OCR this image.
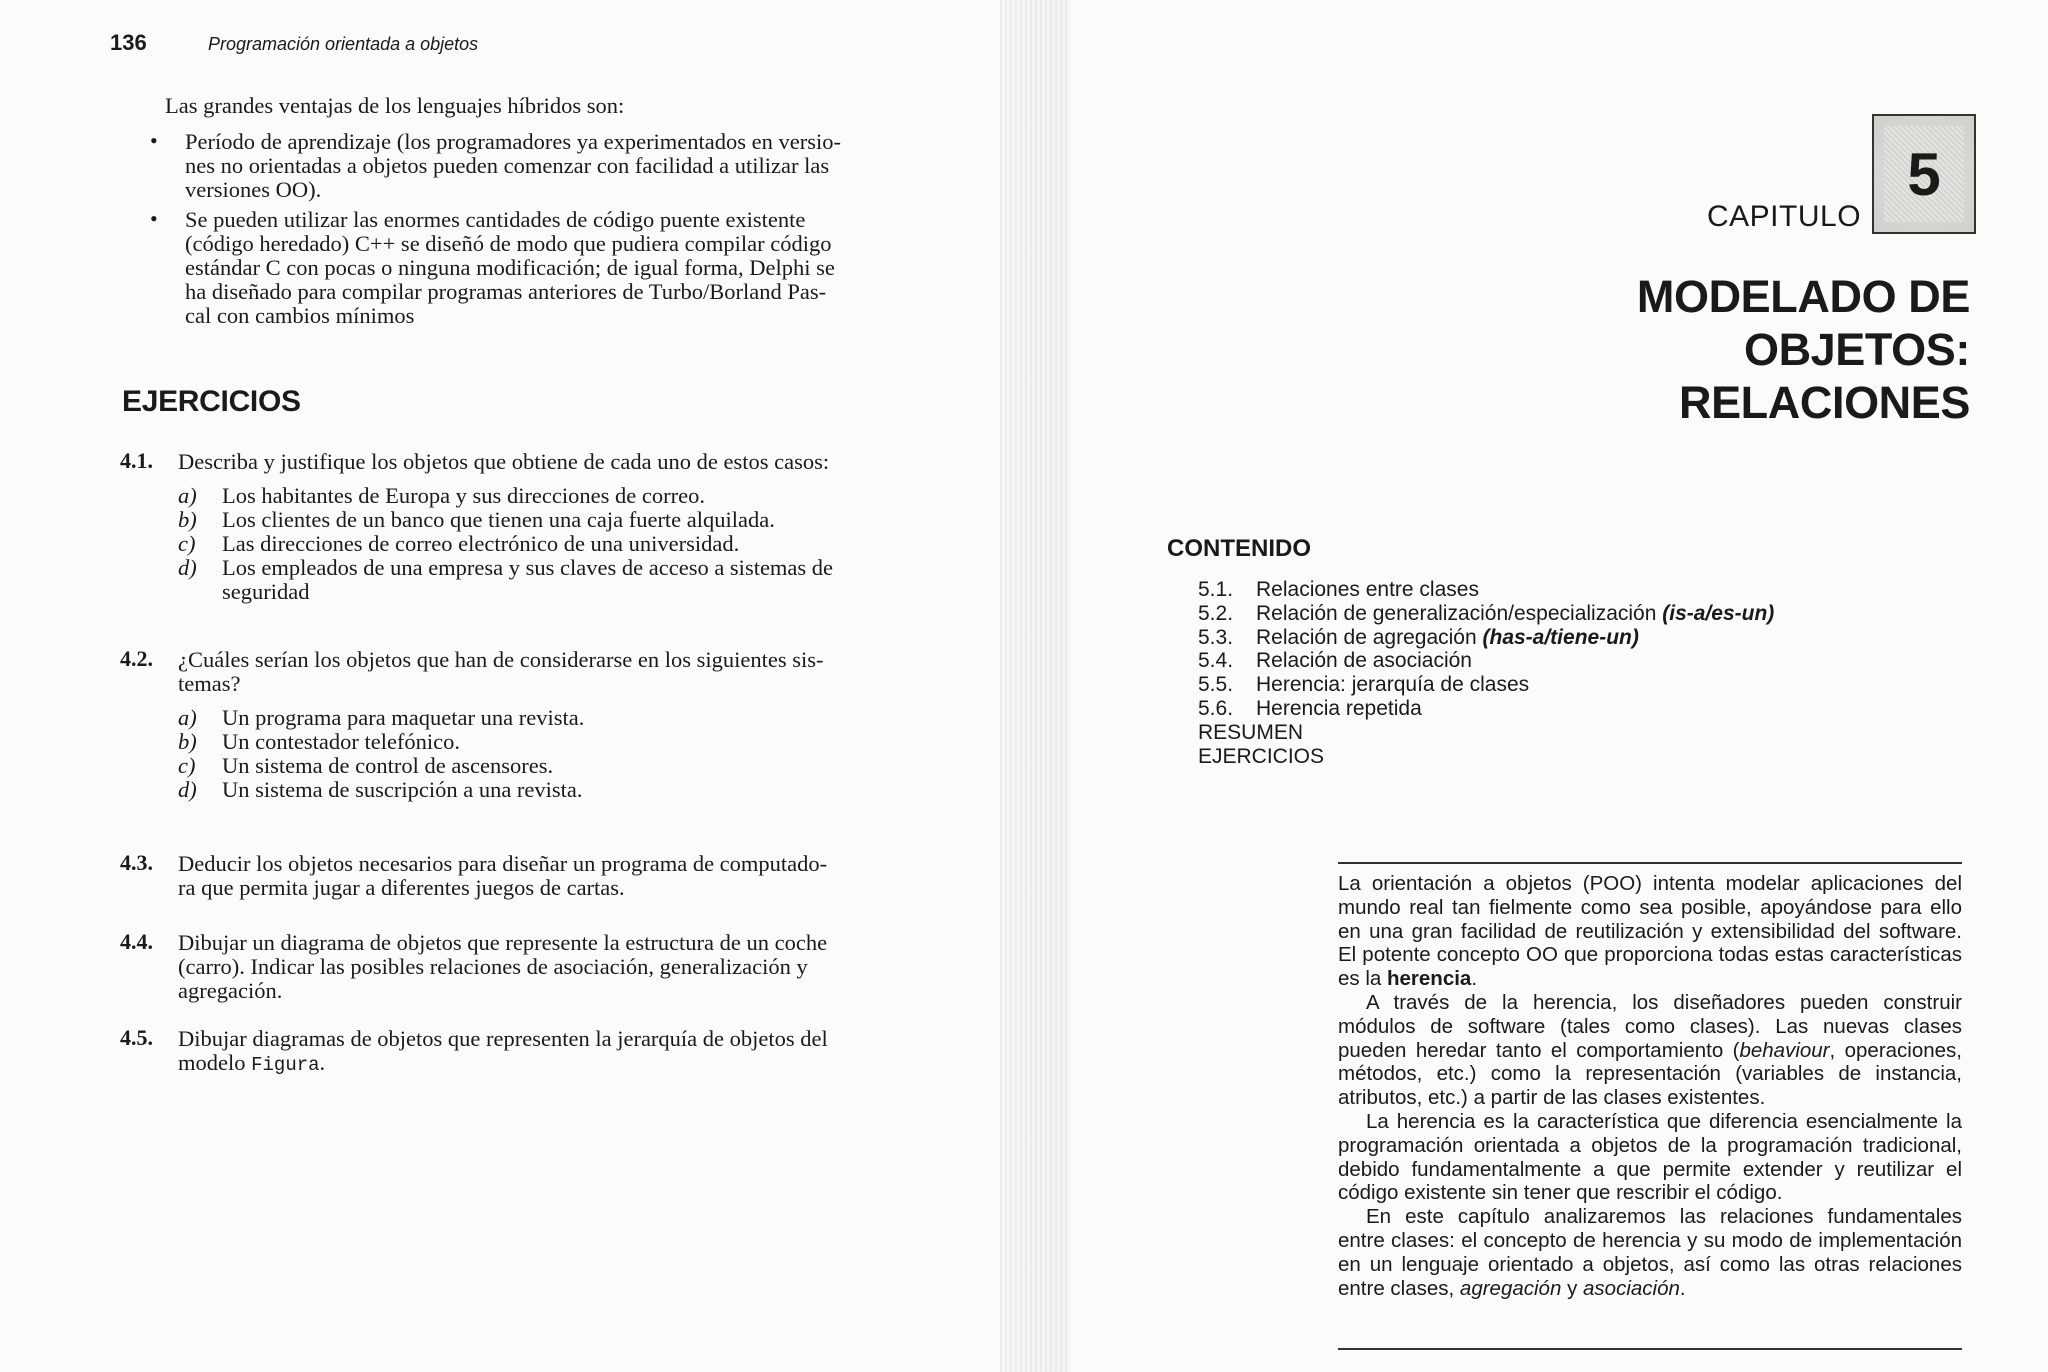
136	Programación orientada a objetos
Las grandes ventajas de los lenguajes híbridos son:
• Período de aprendizaje (los programadores ya experimentados en versio-
nes no orientadas a objetos pueden comenzar con facilidad a utilizar las
versiones OO).
• Se pueden utilizar las enormes cantidades de código puente existente
(código heredado) C++ se diseñó de modo que pudiera compilar código
estándar C con pocas o ninguna modificación; de igual forma, Delphi se
ha diseñado para compilar programas anteriores de Turbo/Borland Pas-
cal con cambios mínimos
EJERCICIOS
4.1. Describa y justifique los objetos que obtiene de cada uno de estos casos:
a) Los habitantes de Europa y sus direcciones de correo.
b) Los clientes de un banco que tienen una caja fuerte alquilada.
c) Las direcciones de correo electrónico de una universidad.
d) Los empleados de una empresa y sus claves de acceso a sistemas de
seguridad
4.2. ¿Cuáles serían los objetos que han de considerarse en los siguientes sis-
temas?
a) Un programa para maquetar una revista.
b) Un contestador telefónico.
c) Un sistema de control de ascensores.
d) Un sistema de suscripción a una revista.
4.3. Deducir los objetos necesarios para diseñar un programa de computado-
ra que permita jugar a diferentes juegos de cartas.
4.4. Dibujar un diagrama de objetos que represente la estructura de un coche
(carro). Indicar las posibles relaciones de asociación, generalización y
agregación.
4.5. Dibujar diagramas de objetos que representen la jerarquía de objetos del
modelo Figura.
5
CAPITULO
MODELADO DE OBJETOS:
RELACIONES
CONTENIDO
5.1. Relaciones entre clases
5.2. Relación de generalización/especialización (is-a/es-un)
5.3. Relación de agregación (has-a/tiene-un)
5.4. Relación de asociación
5.5. Herencia: jerarquía de clases
5.6. Herencia repetida
RESUMEN
EJERCICIOS

La orientación a objetos (POO) intenta modelar aplicaciones del mundo real tan fielmente como sea posible, apoyándose para ello en una gran facilidad de reutilización y extensibilidad del software. El potente concepto OO que proporciona todas estas características es la herencia.

A través de la herencia, los diseñadores pueden construir módulos de software (tales como clases). Las nuevas clases pueden heredar tanto el comportamiento (behaviour, operaciones, métodos, etc.) como la representación (variables de instancia, atributos, etc.) a partir de las clases existentes.

La herencia es la característica que diferencia esencialmente la programación orientada a objetos de la programación tradicional, debido fundamentalmente a que permite extender y reutilizar el código existente sin tener que rescribir el código.

En este capítulo analizaremos las relaciones fundamentales entre clases: el concepto de herencia y su modo de implementación en un lenguaje orientado a objetos, así como las otras relaciones entre clases, agregación y asociación.
